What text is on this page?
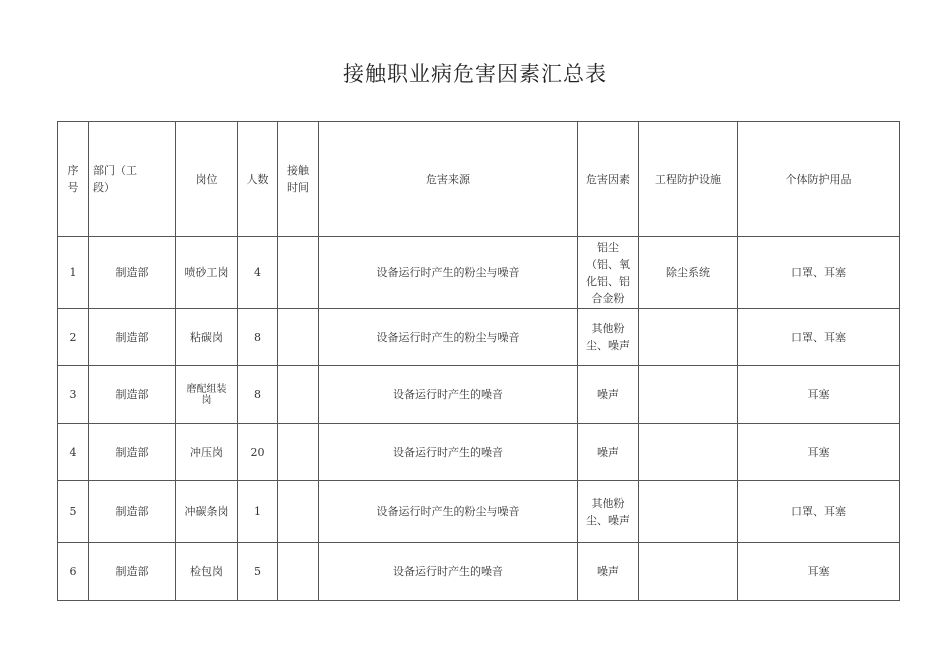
接触职业病危害因素汇总表
序
号	部门（工
段）	岗位	人数	接触
时间	危害来源	危害因素	工程防护设施	个体防护用品
1	制造部	喷砂工岗	4		设备运行时产生的粉尘与噪音	铝尘
（铝、氧
化铝、铝
合金粉	除尘系统	口罩、耳塞
2	制造部	粘碳岗	8		设备运行时产生的粉尘与噪音	其他粉
尘、噪声		口罩、耳塞
3	制造部	磨配组装
岗	8		设备运行时产生的噪音	噪声		耳塞
4	制造部	冲压岗	20		设备运行时产生的噪音	噪声		耳塞
5	制造部	冲碳条岗	1		设备运行时产生的粉尘与噪音	其他粉
尘、噪声		口罩、耳塞
6	制造部	检包岗	5		设备运行时产生的噪音	噪声		耳塞
